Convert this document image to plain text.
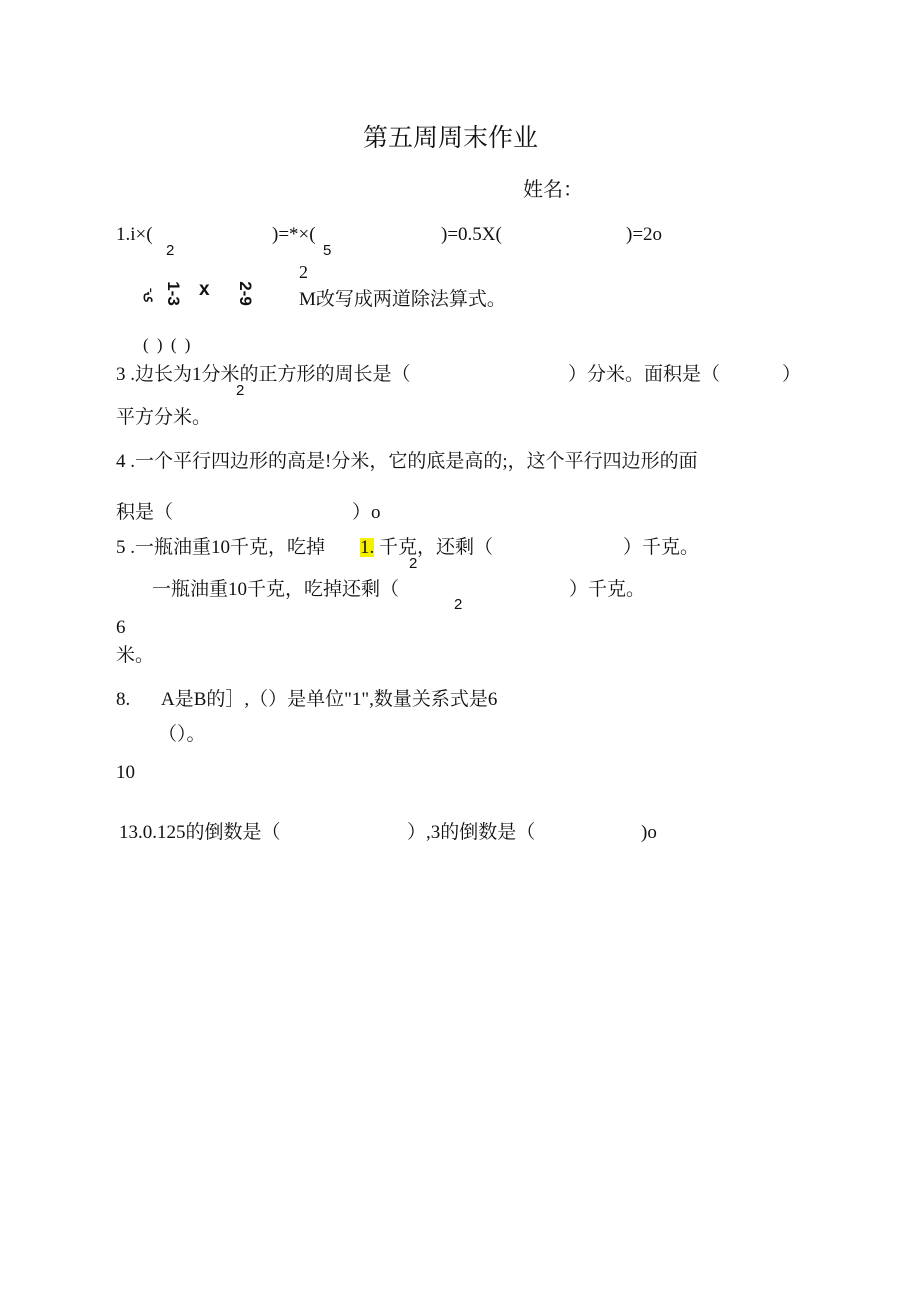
第五周周末作业
姓名：
1.i×(
2
)=*×(
5
)=0.5X(	)=2o
-ۍ 1-3 x 2-9
2
M改写成两道除法算式。
( ) ( )
3 .边长为1分米的正方形的周长是（
2
）分米。面积是（	）
平方分米。
4 .一个平行四边形的高是!分米，它的底是高的;，这个平行四边形的面
积是（	）o
5 .一瓶油重10千克，吃掉 1. 千克，还剩（
2
）千克。
一瓶油重10千克，吃掉还剩（
2
）千克。
6
米。
8. A是B的］,（）是单位"1",数量关系式是6
（）。
10
13.0.125的倒数是（	）,3的倒数是（	)o
